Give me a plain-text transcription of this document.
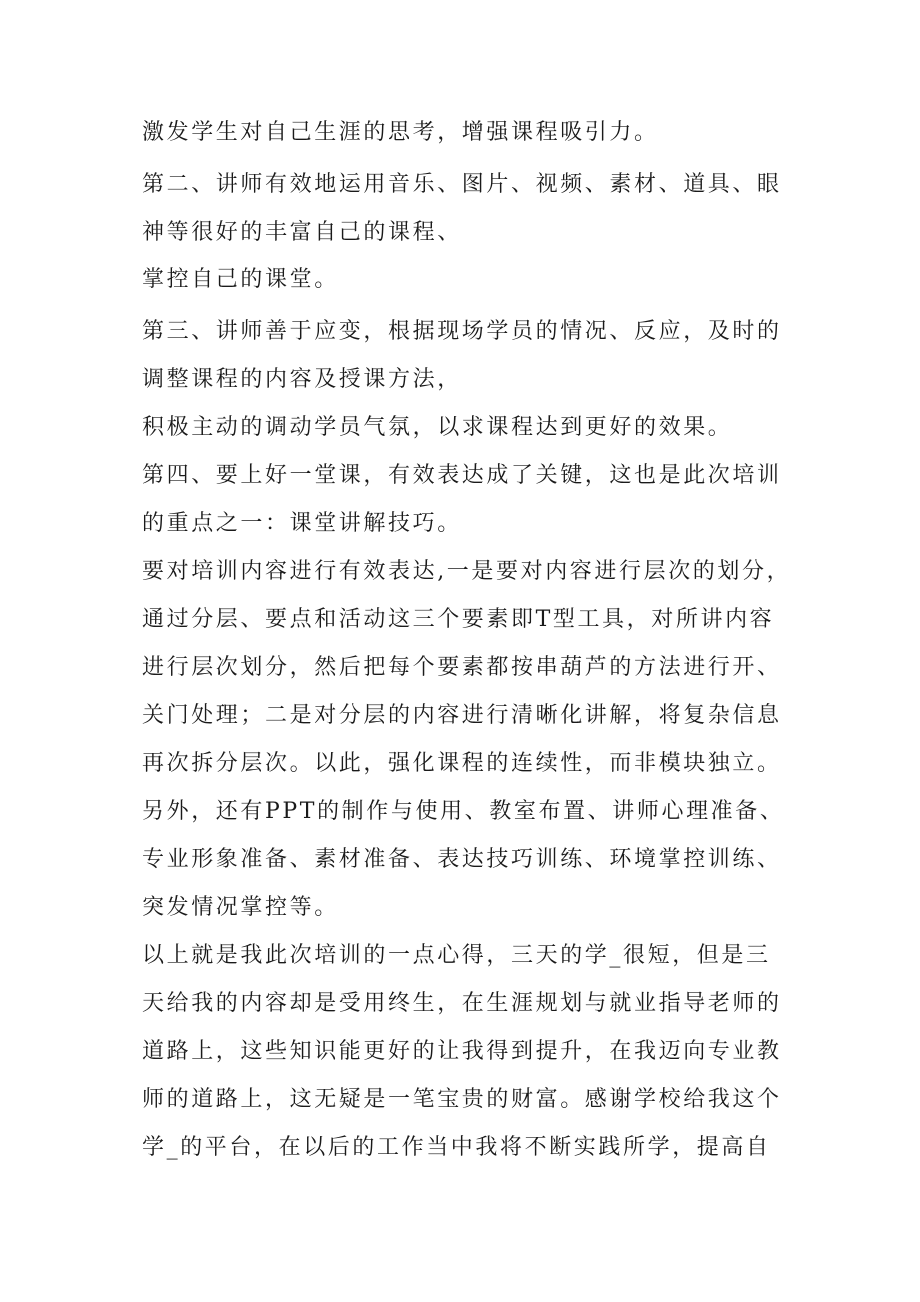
激发学生对自己生涯的思考，增强课程吸引力。

第二、讲师有效地运用音乐、图片、视频、素材、道具、眼

神等很好的丰富自己的课程、

掌控自己的课堂。

第三、讲师善于应变，根据现场学员的情况、反应，及时的

调整课程的内容及授课方法，

积极主动的调动学员气氛，以求课程达到更好的效果。

第四、要上好一堂课，有效表达成了关键，这也是此次培训

的重点之一：课堂讲解技巧。

要对培训内容进行有效表达,一是要对内容进行层次的划分，

通过分层、要点和活动这三个要素即T型工具，对所讲内容

进行层次划分，然后把每个要素都按串葫芦的方法进行开、

关门处理；二是对分层的内容进行清晰化讲解，将复杂信息

再次拆分层次。以此，强化课程的连续性，而非模块独立。

另外，还有PPT的制作与使用、教室布置、讲师心理准备、

专业形象准备、素材准备、表达技巧训练、环境掌控训练、

突发情况掌控等。

以上就是我此次培训的一点心得，三天的学_很短，但是三

天给我的内容却是受用终生，在生涯规划与就业指导老师的

道路上，这些知识能更好的让我得到提升，在我迈向专业教

师的道路上，这无疑是一笔宝贵的财富。感谢学校给我这个

学_的平台，在以后的工作当中我将不断实践所学，提高自
